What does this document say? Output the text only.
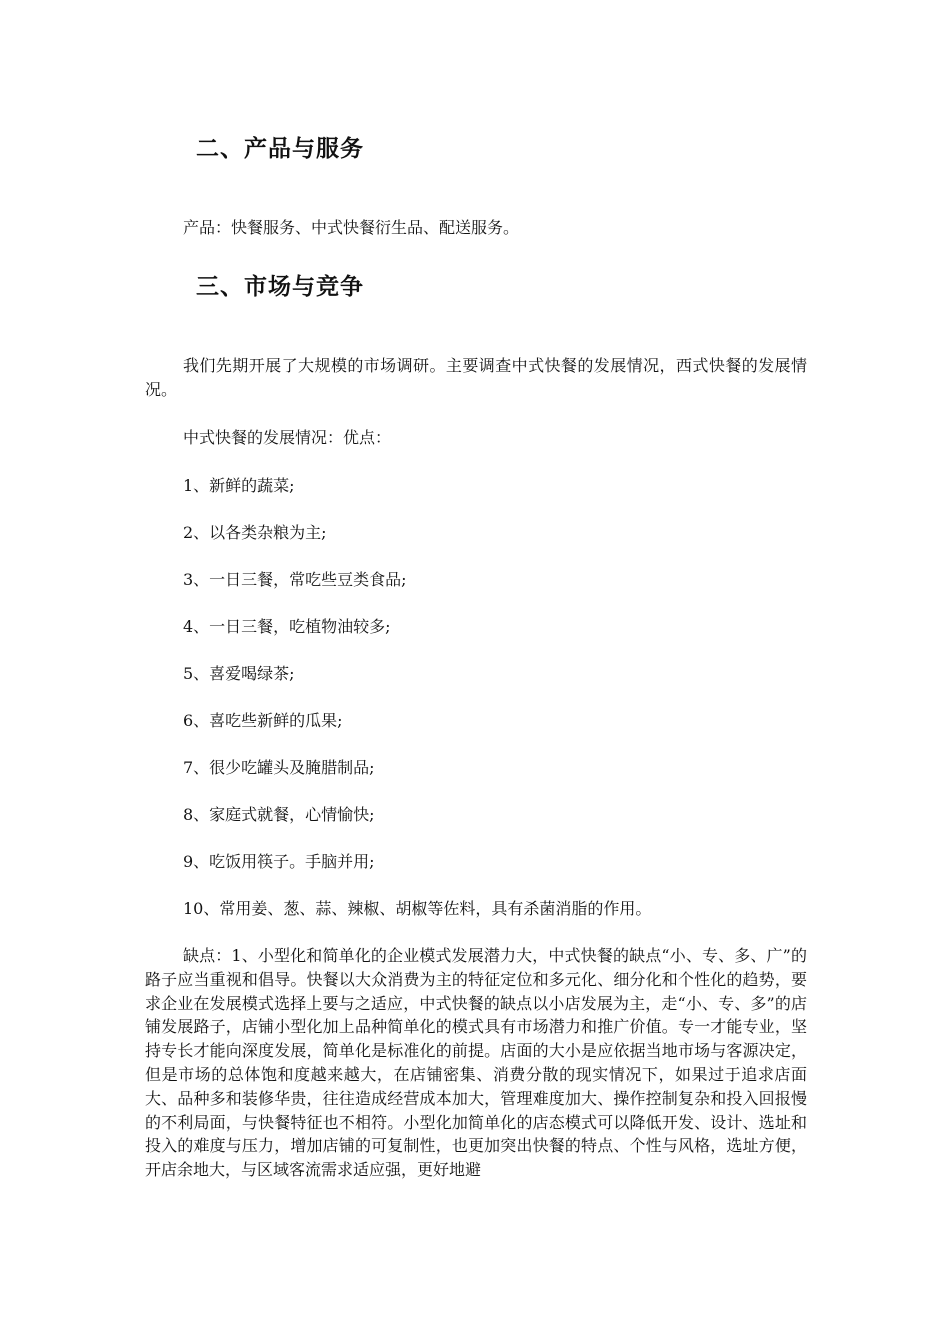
二、产品与服务

产品：快餐服务、中式快餐衍生品、配送服务。

三、市场与竞争

我们先期开展了大规模的市场调研。主要调查中式快餐的发展情况，西式快餐的发展情况。

中式快餐的发展情况：优点：

1、新鲜的蔬菜;

2、以各类杂粮为主;

3、一日三餐，常吃些豆类食品;

4、一日三餐，吃植物油较多;

5、喜爱喝绿茶;

6、喜吃些新鲜的瓜果;

7、很少吃罐头及腌腊制品;

8、家庭式就餐，心情愉快;

9、吃饭用筷子。手脑并用;

10、常用姜、葱、蒜、辣椒、胡椒等佐料，具有杀菌消脂的作用。

缺点：1、小型化和简单化的企业模式发展潜力大，中式快餐的缺点“小、专、多、广”的路子应当重视和倡导。快餐以大众消费为主的特征定位和多元化、细分化和个性化的趋势，要求企业在发展模式选择上要与之适应，中式快餐的缺点以小店发展为主，走“小、专、多”的店铺发展路子，店铺小型化加上品种简单化的模式具有市场潜力和推广价值。专一才能专业，坚持专长才能向深度发展，简单化是标准化的前提。店面的大小是应依据当地市场与客源决定，但是市场的总体饱和度越来越大，在店铺密集、消费分散的现实情况下，如果过于追求店面大、品种多和装修华贵，往往造成经营成本加大，管理难度加大、操作控制复杂和投入回报慢的不利局面，与快餐特征也不相符。小型化加简单化的店态模式可以降低开发、设计、选址和投入的难度与压力，增加店铺的可复制性，也更加突出快餐的特点、个性与风格，选址方便，开店余地大，与区域客流需求适应强，更好地避
